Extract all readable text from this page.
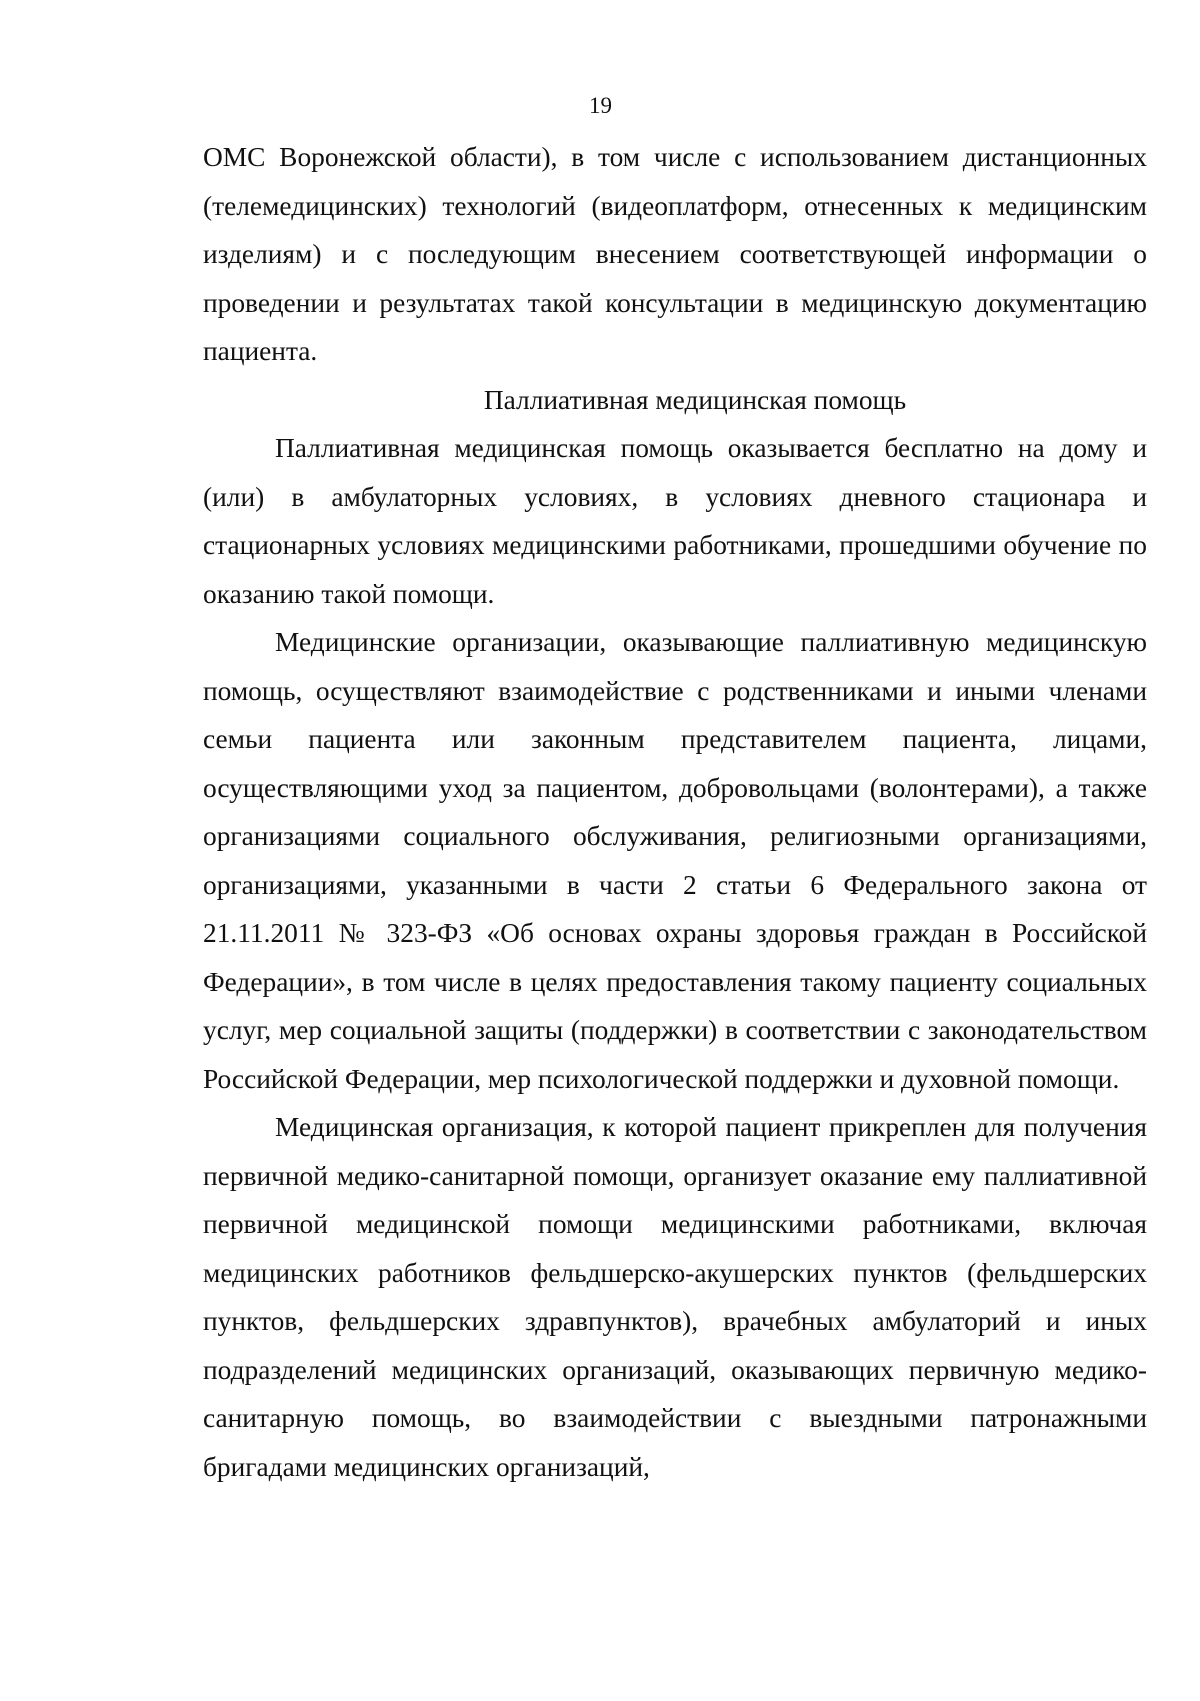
19

ОМС Воронежской области), в том числе с использованием дистанционных (телемедицинских) технологий (видеоплатформ, отнесенных к медицинским изделиям) и с последующим внесением соответствующей информации о проведении и результатах такой консультации в медицинскую документацию пациента.

Паллиативная медицинская помощь

Паллиативная медицинская помощь оказывается бесплатно на дому и (или) в амбулаторных условиях, в условиях дневного стационара и стационарных условиях медицинскими работниками, прошедшими обучение по оказанию такой помощи.

Медицинские организации, оказывающие паллиативную медицинскую помощь, осуществляют взаимодействие с родственниками и иными членами семьи пациента или законным представителем пациента, лицами, осуществляющими уход за пациентом, добровольцами (волонтерами), а также организациями социального обслуживания, религиозными организациями, организациями, указанными в части 2 статьи 6 Федерального закона от 21.11.2011 № 323-ФЗ «Об основах охраны здоровья граждан в Российской Федерации», в том числе в целях предоставления такому пациенту социальных услуг, мер социальной защиты (поддержки) в соответствии с законодательством Российской Федерации, мер психологической поддержки и духовной помощи.

Медицинская организация, к которой пациент прикреплен для получения первичной медико-санитарной помощи, организует оказание ему паллиативной первичной медицинской помощи медицинскими работниками, включая медицинских работников фельдшерско-акушерских пунктов (фельдшерских пунктов, фельдшерских здравпунктов), врачебных амбулаторий и иных подразделений медицинских организаций, оказывающих первичную медико-санитарную помощь, во взаимодействии с выездными патронажными бригадами медицинских организаций,
